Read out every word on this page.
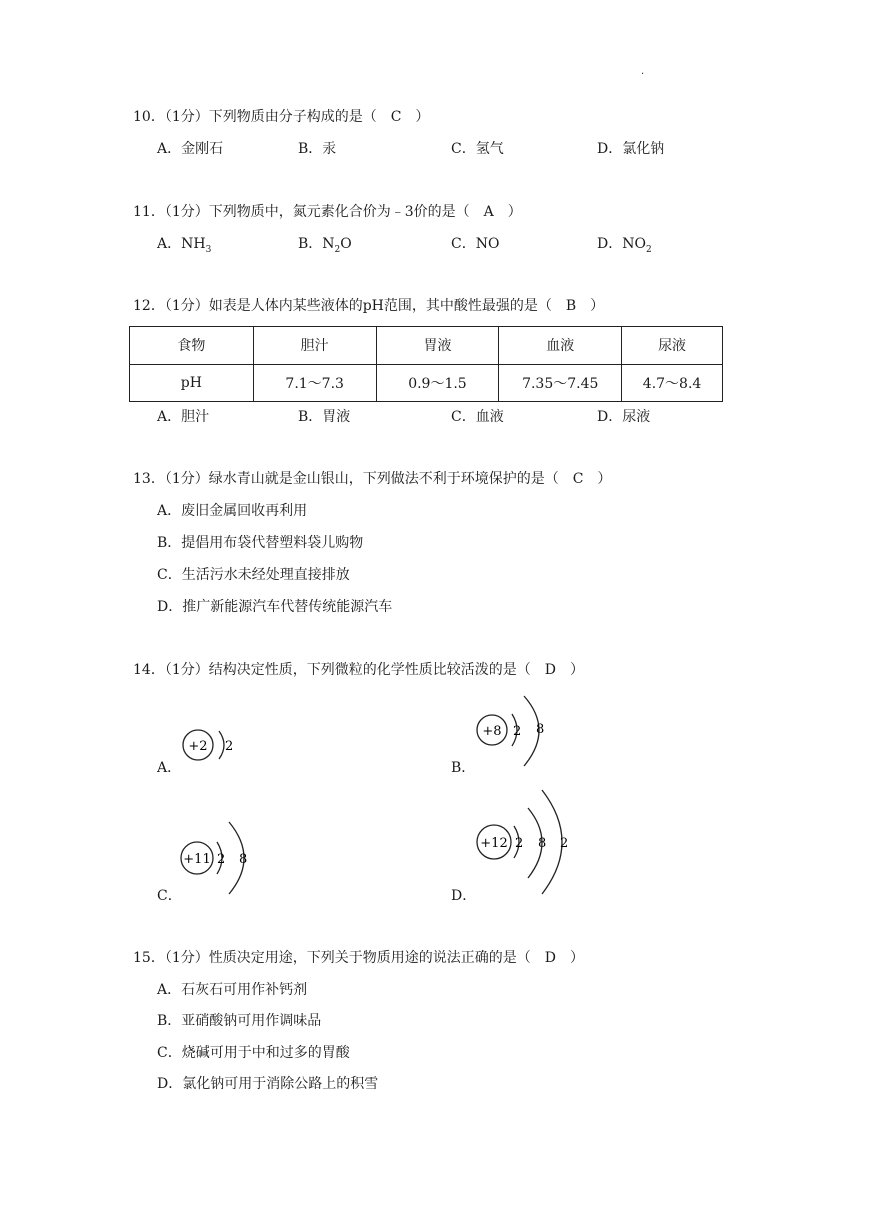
.
10．（1分）下列物质由分子构成的是（　C　）
A．金刚石	B．汞	C．氢气	D．氯化钠
11．（1分）下列物质中，氮元素化合价为﹣3价的是（　A　）
A．$NH_3$	B．$N_2O$	C．NO	D．$NO_2$
12．（1分）如表是人体内某些液体的pH范围，其中酸性最强的是（　B　）
食物	胆汁	胃液	血液	尿液
pH	7.1～7.3	0.9～1.5	7.35～7.45	4.7～8.4
A．胆汁	B．胃液	C．血液	D．尿液
13．（1分）绿水青山就是金山银山，下列做法不利于环境保护的是（　C　）
A．废旧金属回收再利用
B．提倡用布袋代替塑料袋儿购物
C．生活污水未经处理直接排放
D．推广新能源汽车代替传统能源汽车
14．（1分）结构决定性质，下列微粒的化学性质比较活泼的是（　D　）
A．
+2 2
B．
+8 2 8
C．
+11 2 8
D．
+12 2 8 2
15．（1分）性质决定用途，下列关于物质用途的说法正确的是（　D　）
A．石灰石可用作补钙剂
B．亚硝酸钠可用作调味品
C．烧碱可用于中和过多的胃酸
D．氯化钠可用于消除公路上的积雪
